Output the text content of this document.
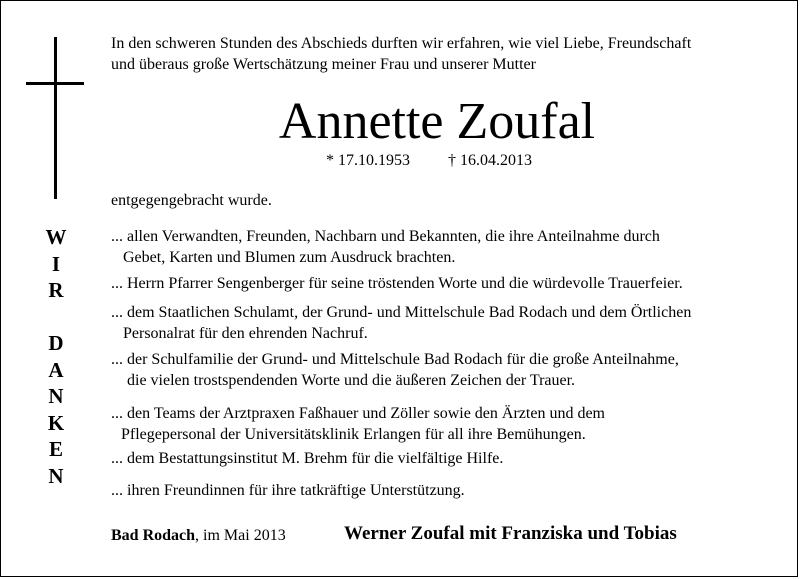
W
I
R
D
A
N
K
E
N
In den schweren Stunden des Abschieds durften wir erfahren, wie viel Liebe, Freundschaft
und überaus große Wertschätzung meiner Frau und unserer Mutter
Annette Zoufal
* 17.10.1953 † 16.04.2013
entgegengebracht wurde.
... allen Verwandten, Freunden, Nachbarn und Bekannten, die ihre Anteilnahme durch
Gebet, Karten und Blumen zum Ausdruck brachten.
... Herrn Pfarrer Sengenberger für seine tröstenden Worte und die würdevolle Trauerfeier.
... dem Staatlichen Schulamt, der Grund- und Mittelschule Bad Rodach und dem Örtlichen
Personalrat für den ehrenden Nachruf.
... der Schulfamilie der Grund- und Mittelschule Bad Rodach für die große Anteilnahme,
die vielen trostspendenden Worte und die äußeren Zeichen der Trauer.
... den Teams der Arztpraxen Faßhauer und Zöller sowie den Ärzten und dem
Pflegepersonal der Universitätsklinik Erlangen für all ihre Bemühungen.
... dem Bestattungsinstitut M. Brehm für die vielfältige Hilfe.
... ihren Freundinnen für ihre tatkräftige Unterstützung.
Bad Rodach, im Mai 2013	Werner Zoufal mit Franziska und Tobias
